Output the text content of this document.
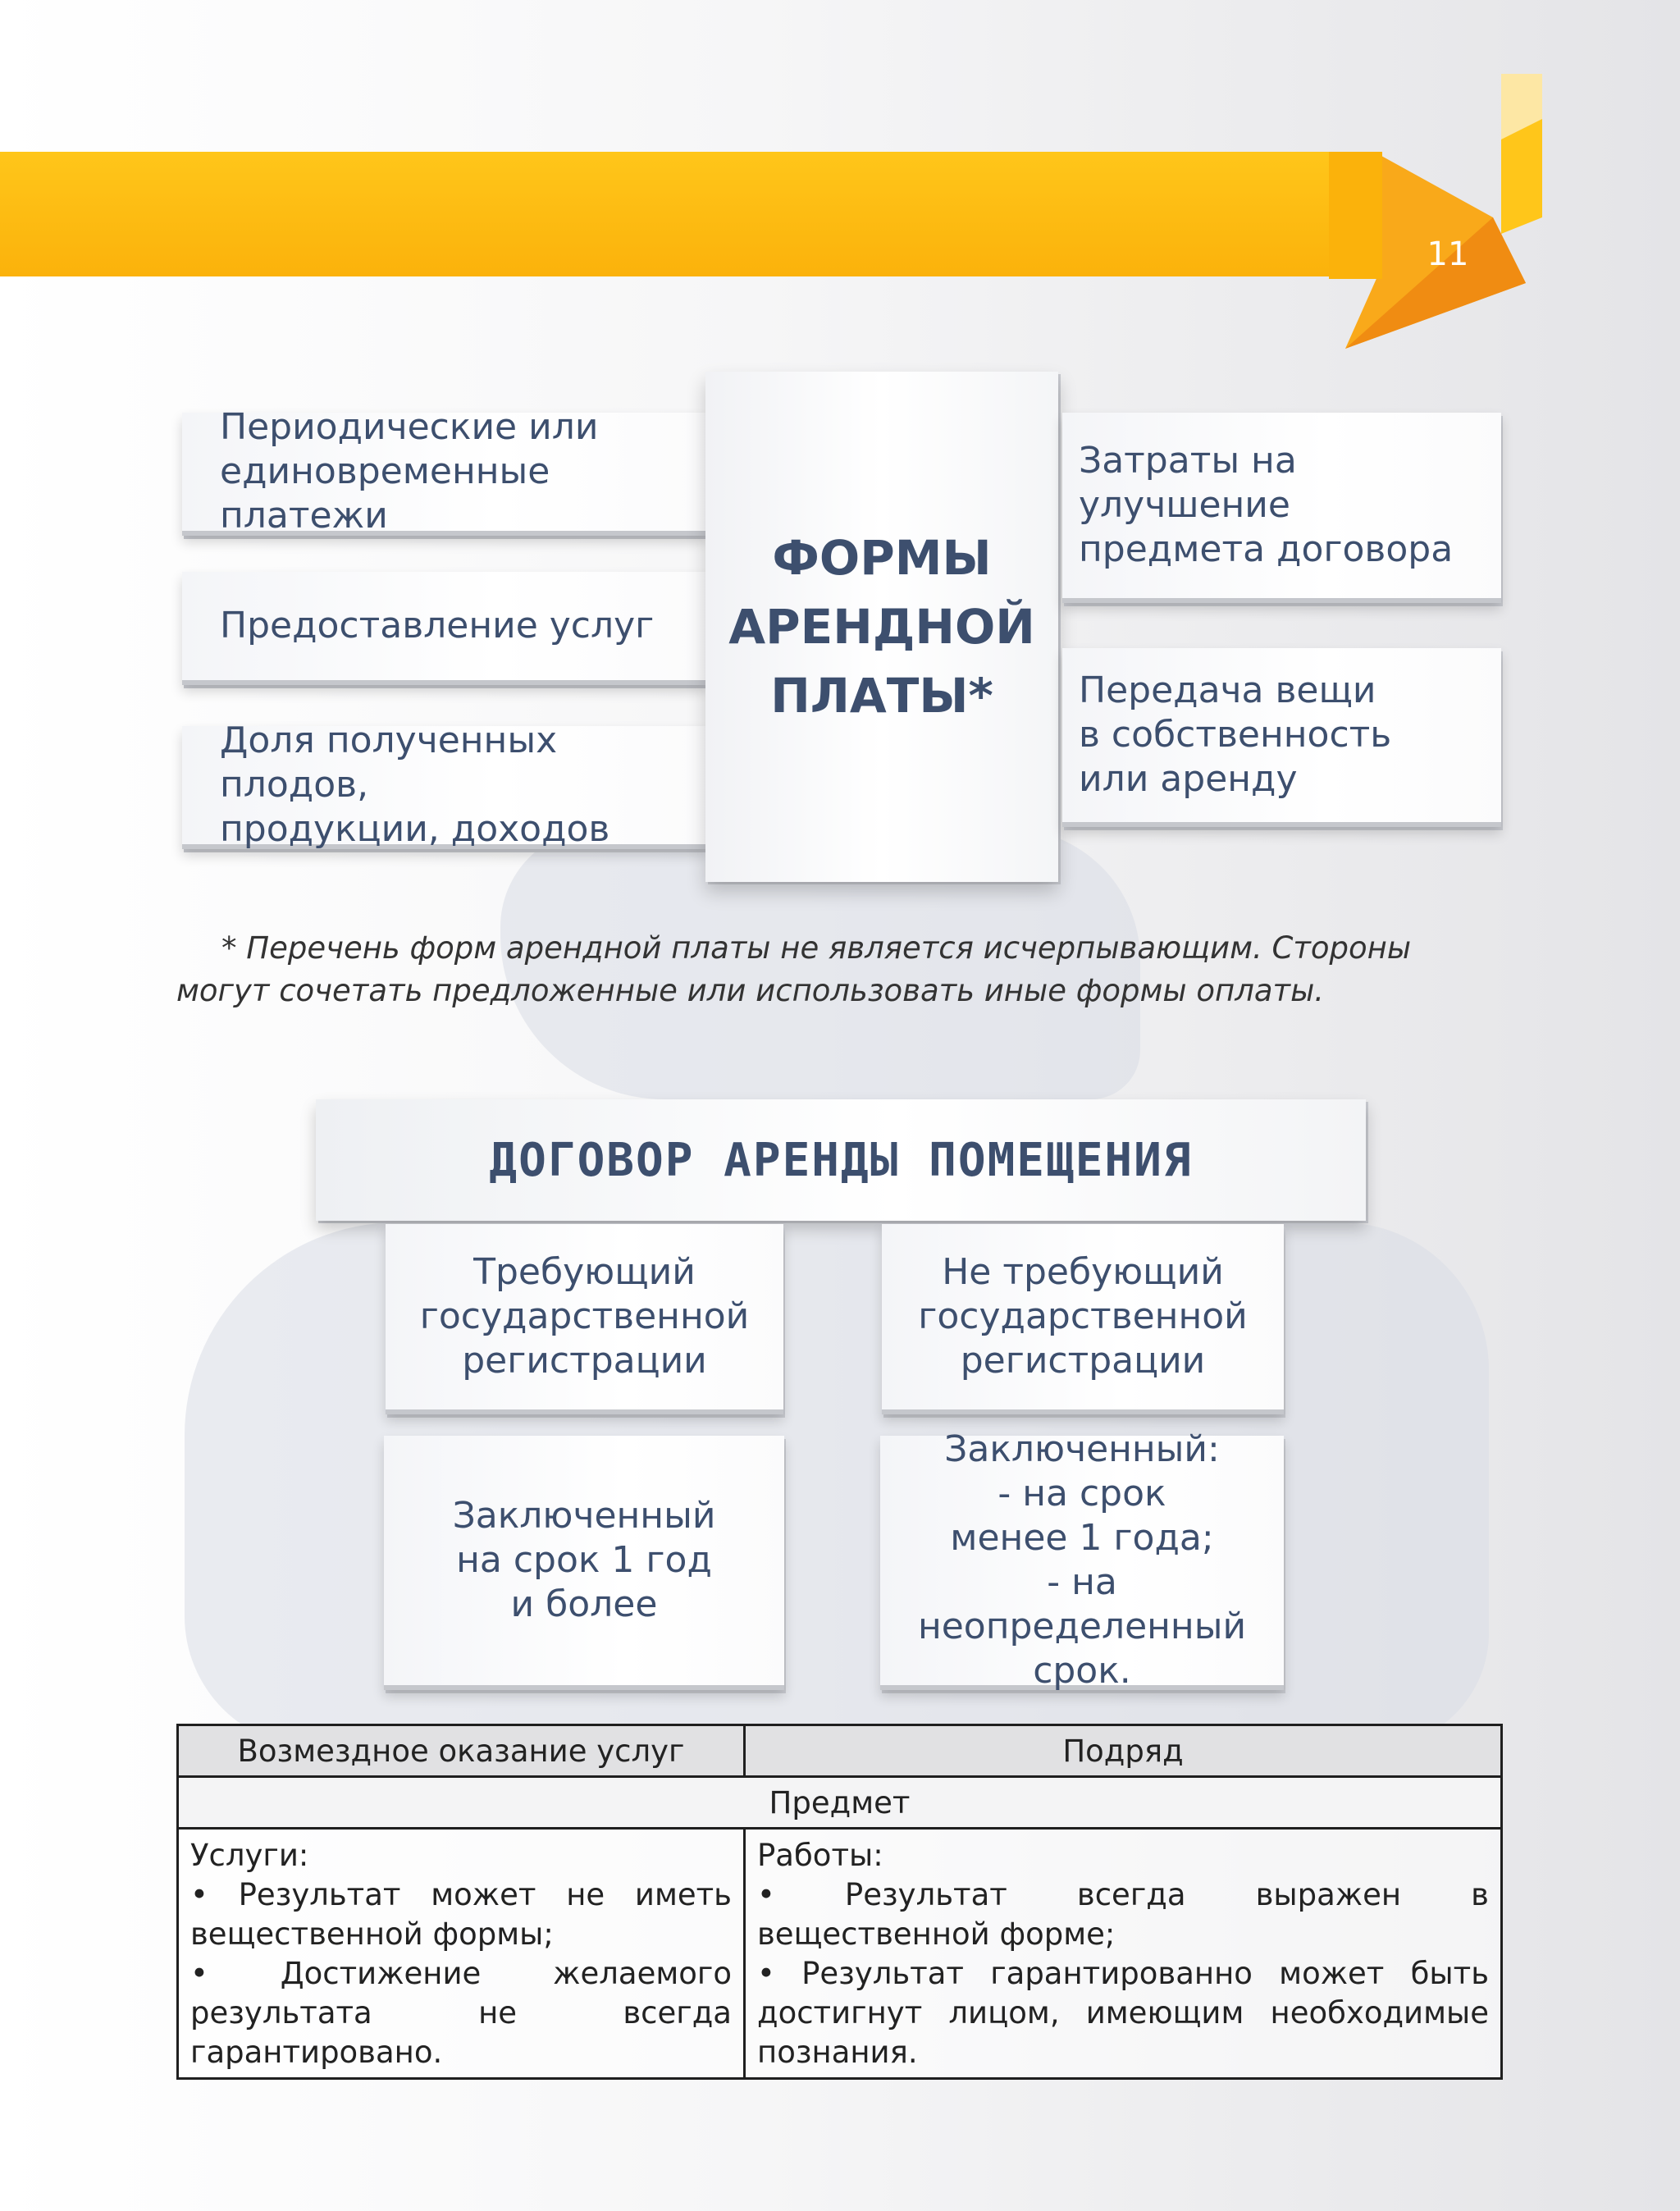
11
Периодические или
единовременные платежи
Предоставление услуг
Доля полученных плодов,
продукции, доходов
ФОРМЫ
АРЕНДНОЙ
ПЛАТЫ*
Затраты на улучшение
предмета договора
Передача вещи
в собственность
или аренду
* Перечень форм арендной платы не является исчерпывающим. Стороны могут сочетать предложенные или использовать иные формы оплаты.
ДОГОВОР АРЕНДЫ ПОМЕЩЕНИЯ
Требующий
государственной
регистрации
Не требующий
государственной
регистрации
Заключенный
на срок 1 год
и более
Заключенный:
- на срок
менее 1 года;
- на неопределенный
срок.
Возмездное оказание услуг	Подряд
Предмет	

Услуги:
• Результат может не иметь вещественной формы;
• Достижение желаемого результата не всегда гарантировано.	Работы:
• Результат всегда выражен в вещественной форме;
• Результат гарантированно может быть достигнут лицом, имеющим необходимые познания.
